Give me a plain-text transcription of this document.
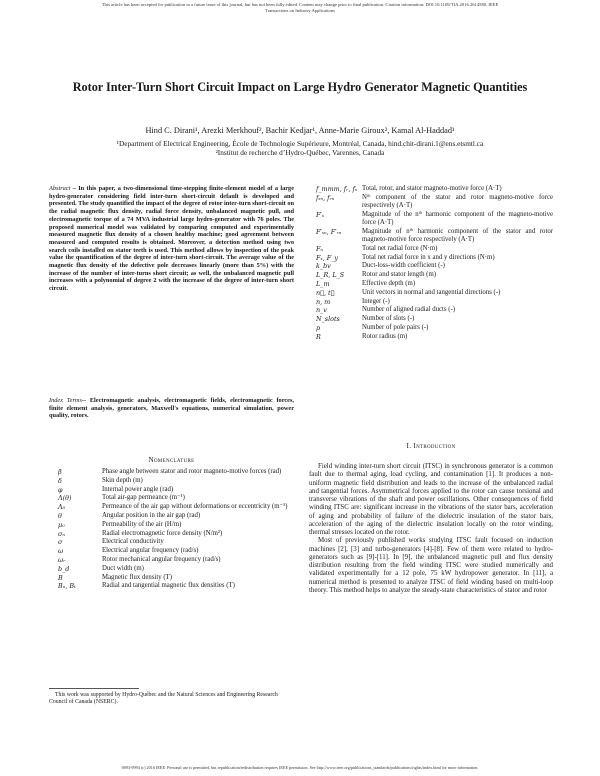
This article has been accepted for publication in a future issue of this journal, but has not been fully edited. Content may change prior to final publication. Citation information: DOI 10.1109/TIA.2016.2614580, IEEE
Transactions on Industry Applications
Rotor Inter-Turn Short Circuit Impact on Large Hydro Generator Magnetic Quantities
Hind C. Dirani¹, Arezki Merkhouf², Bachir Kedjar¹, Anne-Marie Giroux², Kamal Al-Haddad¹
¹Department of Electrical Engineering, École de Technologie Supérieure, Montréal, Canada, hind.chit-dirani.1@ens.etsmtl.ca
²Institut de recherche d’Hydro-Québec, Varennes, Canada
Abstract – In this paper, a two-dimensional time-stepping finite-element model of a large hydro-generator considering field inter-turn short-circuit default is developed and presented. The study quantified the impact of the degree of rotor inter-turn short-circuit on the radial magnetic flux density, radial force density, unbalanced magnetic pull, and electromagnetic torque of a 74 MVA industrial large hydro-generator with 76 poles. The proposed numerical model was validated by comparing computed and experimentally measured magnetic flux density of a chosen healthy machine; good agreement between measured and computed results is obtained. Moreover, a detection method using two search coils installed on stator teeth is used. This method allows by inspection of the peak value the quantification of the degree of inter-turn short-circuit. The average value of the magnetic flux density of the defective pole decreases linearly (more than 5%) with the increase of the number of inter-turns short circuit; as well, the unbalanced magnetic pull increases with a polynomial of degree 2 with the increase of the degree of inter-turn short circuit.
Index Terms-- Electromagnetic analysis, electromagnetic fields, electromagnetic forces, finite element analysis, generators, Maxwell's equations, numerical simulation, power quality, rotors.
Nomenclature
β	Phase angle between stator and rotor magneto-motive forces (rad)
δ	Skin depth (m)
φ	Internal power angle (rad)
Λ(θ)	Total air-gap permeance (m⁻¹)
Λ₀	Permeance of the air gap without deformations or eccentricity (m⁻¹)
θ	Angular position in the air gap (rad)
μ₀	Permeability of the air (H/m)
σₙ	Radial electromagnetic force density (N/m²)
σ	Electrical conductivity
ω	Electrical angular frequency (rad/s)
ωᵣ	Rotor mechanical angular frequency (rad/s)
b_d	Duct width (m)
B	Magnetic flux density (T)
Bₙ, Bₜ	Radial and tangential magnetic flux densities (T)
f_mmm, fᵣ, fₛ Total, rotor, and stator magneto-motive force (A·T)
fₛₙ, fᵣₙ	Nᵗʰ component of the stator and rotor magneto-motive force respectively (A·T)
F′ₛ	Magnitude of the nᵗʰ harmonic component of the magneto-motive force (A·T)
F′ₛₙ, F′ᵣₙ	Magnitude of nᵗʰ harmonic component of the stator and rotor magneto-motive force respectively (A·T)
Fₙ	Total net radial force (N·m)
Fₓ, F_y	Total net radial force in x and y directions (N·m)
k_bv	Duct-loss-width coefficient (-)
L_R, L_S	Rotor and stator length (m)
L_m	Effective depth (m)
n⃗, t⃗	Unit vectors in normal and tangential directions (-)
n, m	Integer (-)
n_v	Number of aligned radial ducts (-)
N_slots	Number of slots (-)
p	Number of pole pairs (-)
R	Rotor radius (m)
I. Introduction

Field winding inter-turn short circuit (ITSC) in synchronous generator is a common fault due to thermal aging, load cycling, and contamination [1]. It produces a non-uniform magnetic field distribution and leads to the increase of the unbalanced radial and tangential forces. Asymmetrical forces applied to the rotor can cause torsional and transverse vibrations of the shaft and power oscillations. Other consequences of field winding ITSC are: significant increase in the vibrations of the stator bars, acceleration of aging and probability of failure of the dielectric insulation of the stator bars, acceleration of the aging of the dielectric insulation locally on the rotor winding, thermal stresses located on the rotor.

Most of previously published works studying ITSC fault focused on induction machines [2], [3] and turbo-generators [4]-[8]. Few of them were related to hydro-generators such as [9]-[11]. In [9], the unbalanced magnetic pull and flux density distribution resulting from the field winding ITSC were studied numerically and validated experimentally for a 12 pole, 75 kW hydropower generator. In [11], a numerical method is presented to analyze ITSC of field winding based on multi-loop theory. This method helps to analyze the steady-state characteristics of stator and rotor

This work was supported by Hydro-Québec and the Natural Sciences and Engineering Research Council of Canada (NSERC).
0093-9994 (c) 2016 IEEE. Personal use is permitted, but republication/redistribution requires IEEE permission. See http://www.ieee.org/publications_standards/publications/rights/index.html for more information.
